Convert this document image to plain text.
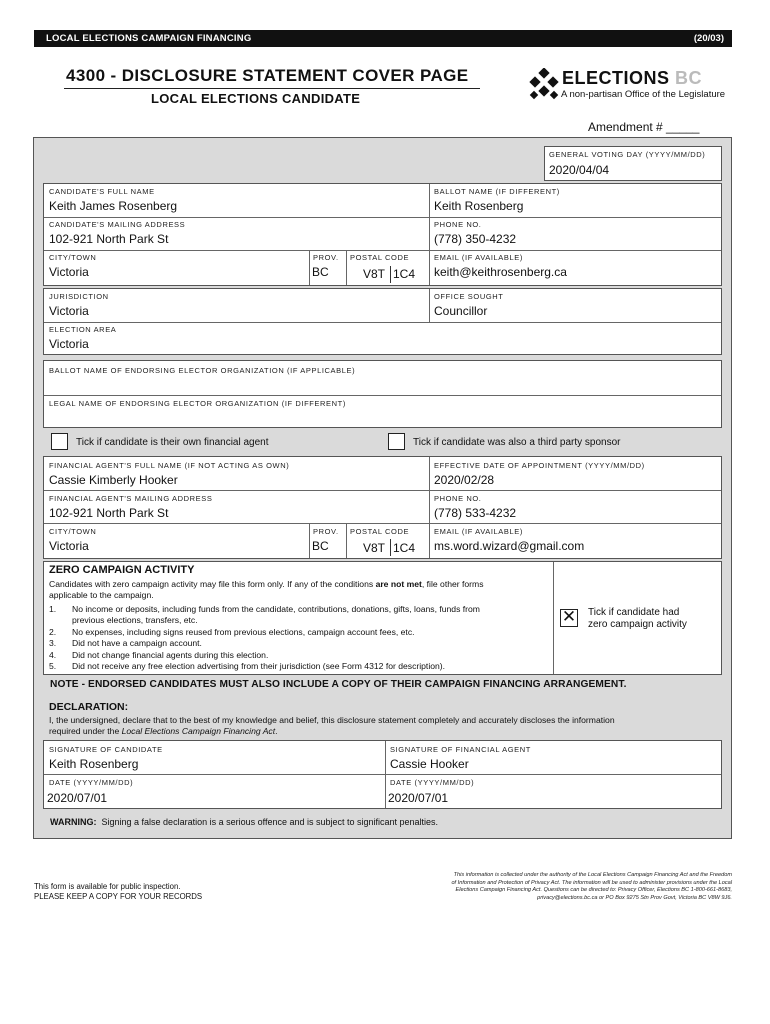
LOCAL ELECTIONS CAMPAIGN FINANCING	(20/03)
4300 - DISCLOSURE STATEMENT COVER PAGE
LOCAL ELECTIONS CANDIDATE
ELECTIONS BC
A non-partisan Office of the Legislature
Amendment # _____
GENERAL VOTING DAY (YYYY/MM/DD)
2020/04/04
CANDIDATE'S FULL NAME
Keith James Rosenberg
BALLOT NAME (IF DIFFERENT)
Keith Rosenberg
CANDIDATE'S MAILING ADDRESS
102-921 North Park St
PHONE NO.
(778) 350-4232
CITY/TOWN
Victoria
PROV.
BC
POSTAL CODE
V8T 1C4
EMAIL (IF AVAILABLE)
keith@keithrosenberg.ca
JURISDICTION
Victoria
OFFICE SOUGHT
Councillor
ELECTION AREA
Victoria
BALLOT NAME OF ENDORSING ELECTOR ORGANIZATION (IF APPLICABLE)
LEGAL NAME OF ENDORSING ELECTOR ORGANIZATION (IF DIFFERENT)
Tick if candidate is their own financial agent	Tick if candidate was also a third party sponsor
FINANCIAL AGENT'S FULL NAME (IF NOT ACTING AS OWN)
Cassie Kimberly Hooker
EFFECTIVE DATE OF APPOINTMENT (YYYY/MM/DD)
2020/02/28
FINANCIAL AGENT'S MAILING ADDRESS
102-921 North Park St
PHONE NO.
(778) 533-4232
CITY/TOWN
Victoria
PROV.
BC
POSTAL CODE
V8T 1C4
EMAIL (IF AVAILABLE)
ms.word.wizard@gmail.com
ZERO CAMPAIGN ACTIVITY
Candidates with zero campaign activity may file this form only. If any of the conditions are not met, file other forms
applicable to the campaign.
1. No income or deposits, including funds from the candidate, contributions, donations, gifts, loans, funds from
previous elections, transfers, etc.
2. No expenses, including signs reused from previous elections, campaign account fees, etc.
3. Did not have a campaign account.
4. Did not change financial agents during this election.
5. Did not receive any free election advertising from their jurisdiction (see Form 4312 for description).
✕ Tick if candidate had
zero campaign activity
NOTE - ENDORSED CANDIDATES MUST ALSO INCLUDE A COPY OF THEIR CAMPAIGN FINANCING ARRANGEMENT.
DECLARATION:
I, the undersigned, declare that to the best of my knowledge and belief, this disclosure statement completely and accurately discloses the information
required under the Local Elections Campaign Financing Act.
SIGNATURE OF CANDIDATE
Keith Rosenberg
SIGNATURE OF FINANCIAL AGENT
Cassie Hooker
DATE (YYYY/MM/DD)
2020/07/01
DATE (YYYY/MM/DD)
2020/07/01
WARNING: Signing a false declaration is a serious offence and is subject to significant penalties.
This form is available for public inspection.
PLEASE KEEP A COPY FOR YOUR RECORDS
This information is collected under the authority of the Local Elections Campaign Financing Act and the Freedom
of Information and Protection of Privacy Act. The information will be used to administer provisions under the Local
Elections Campaign Financing Act. Questions can be directed to: Privacy Officer, Elections BC 1-800-661-8683,
privacy@elections.bc.ca or PO Box 9275 Stn Prov Govt, Victoria BC V8W 9J6.
